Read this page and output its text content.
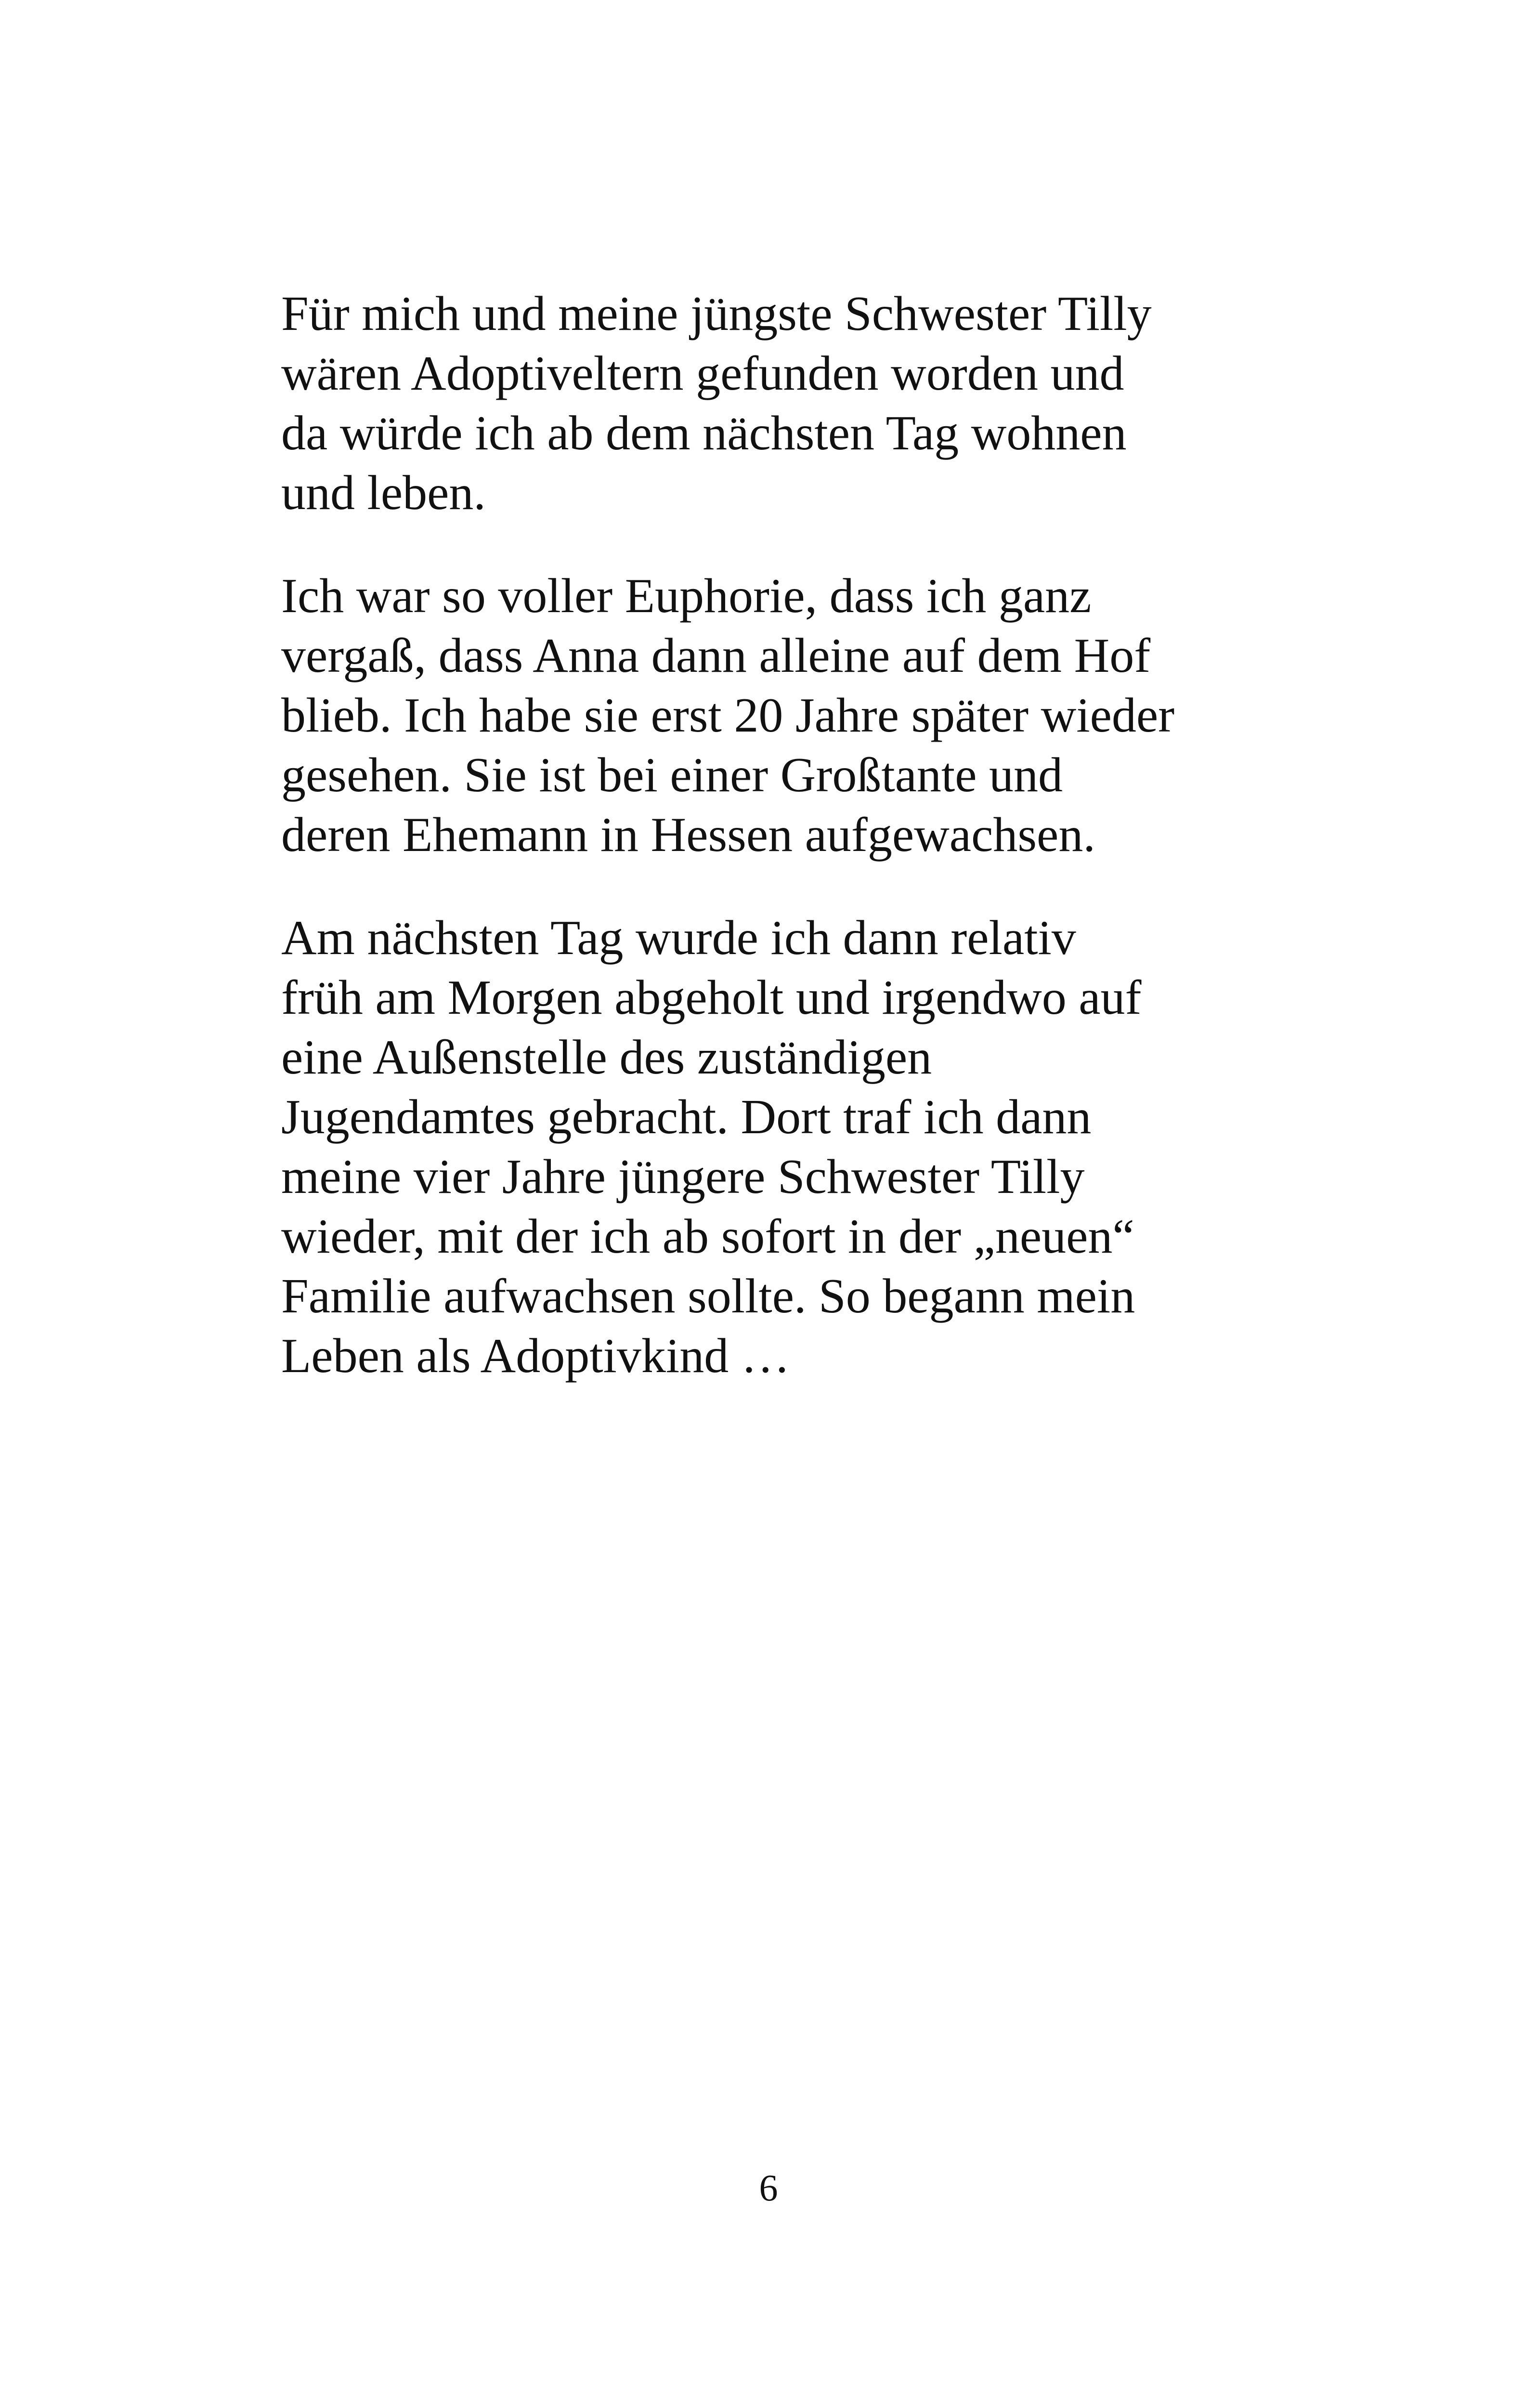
Für mich und meine jüngste Schwester Tilly
wären Adoptiveltern gefunden worden und
da würde ich ab dem nächsten Tag wohnen
und leben.

Ich war so voller Euphorie, dass ich ganz
vergaß, dass Anna dann alleine auf dem Hof
blieb. Ich habe sie erst 20 Jahre später wieder
gesehen. Sie ist bei einer Großtante und
deren Ehemann in Hessen aufgewachsen.

Am nächsten Tag wurde ich dann relativ
früh am Morgen abgeholt und irgendwo auf
eine Außenstelle des zuständigen
Jugendamtes gebracht. Dort traf ich dann
meine vier Jahre jüngere Schwester Tilly
wieder, mit der ich ab sofort in der „neuen“
Familie aufwachsen sollte. So begann mein
Leben als Adoptivkind …

6
